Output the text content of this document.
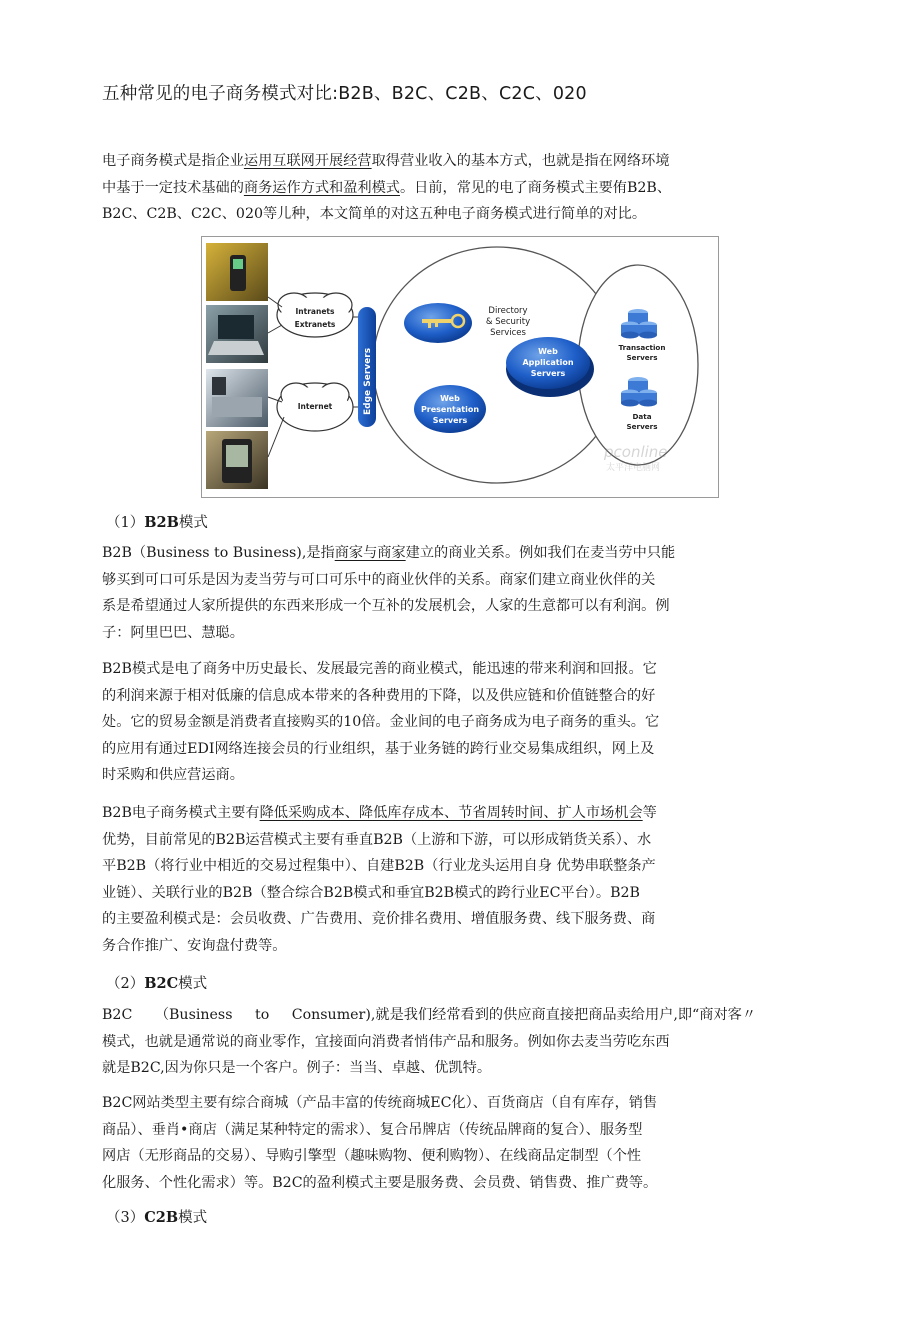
五种常见的电子商务模式对比:B2B、B2C、C2B、C2C、020

电子商务模式是指企业运用互联网开展经营取得营业收入的基本方式，也就是指在网络环境

中基于一定技术基础的商务运作方式和盈利模式。日前，常见的电了商务模式主要侑B2B、

B2C、C2B、C2C、020等儿种，本文简单的对这五种电子商务模式进行简单的对比。

（1）B2B模式

B2B（Business to Business),是指商家与商家建立的商业关系。例如我们在麦当劳中只能

够买到可口可乐是因为麦当劳与可口可乐中的商业伙伴的关系。商家们建立商业伙伴的关

系是希望通过人家所提供的东西来形成一个互补的发展机会，人家的生意都可以有利润。例

子：阿里巴巴、慧聪。

B2B模式是电了商务中历史最长、发展最完善的商业模式，能迅速的带来利润和回报。它

的利润来源于相对低廉的信息成本带来的各种费用的下降，以及供应链和价值链整合的好

处。它的贸易金额是消费者直接购买的10倍。金业间的电子商务成为电子商务的重头。它

的应用有通过EDI网络连接会员的行业组织，基于业务链的跨行业交易集成组织，网上及

时采购和供应营运商。

B2B电子商务模式主要有降低采购成本、降低库存成本、节省周转时间、扩人市场机会等

优势，目前常见的B2B运营模式主要有垂直B2B（上游和下游，可以形成销货关系）、水

平B2B（将行业中相近的交易过程集中）、自建B2B（行业龙头运用自身 优势串联整条产

业链）、关联行业的B2B（整合综合B2B模式和垂宜B2B模式的跨行业EC平台）。B2B

的主要盈利模式是：会员收费、广告费用、竞价排名费用、增值服务费、线下服务费、商

务合作推广、安询盘付费等。

（2）B2C模式

B2C （Business to Consumer),就是我们经常看到的供应商直接把商品卖给用户,即“商对客〃

模式，也就是通常说的商业零作，宜接面向消费者悄伟产品和服务。例如你去麦当劳吃东西

就是B2C,因为你只是一个客户。例子：当当、卓越、优凯特。

B2C网站类型主要有综合商城（产品丰富的传统商城EC化）、百货商店（自有库存，销售

商品）、垂肖•商店（满足某种特定的需求）、复合吊牌店（传统品牌商的复合）、服务型

网店（无形商品的交易）、导购引擎型（趣味购物、便利购物）、在线商品定制型（个性

化服务、个性化需求）等。B2C的盈利模式主要是服务费、会员费、销售费、推广费等。

（3）C2B模式
Intranets
Extranets
Internet	Edge Servers
Directory
& Security
Services
Web
Application
Servers
Web
Presentation
Servers
Transaction
Servers
Data
Servers
pconline
太平洋电脑网
